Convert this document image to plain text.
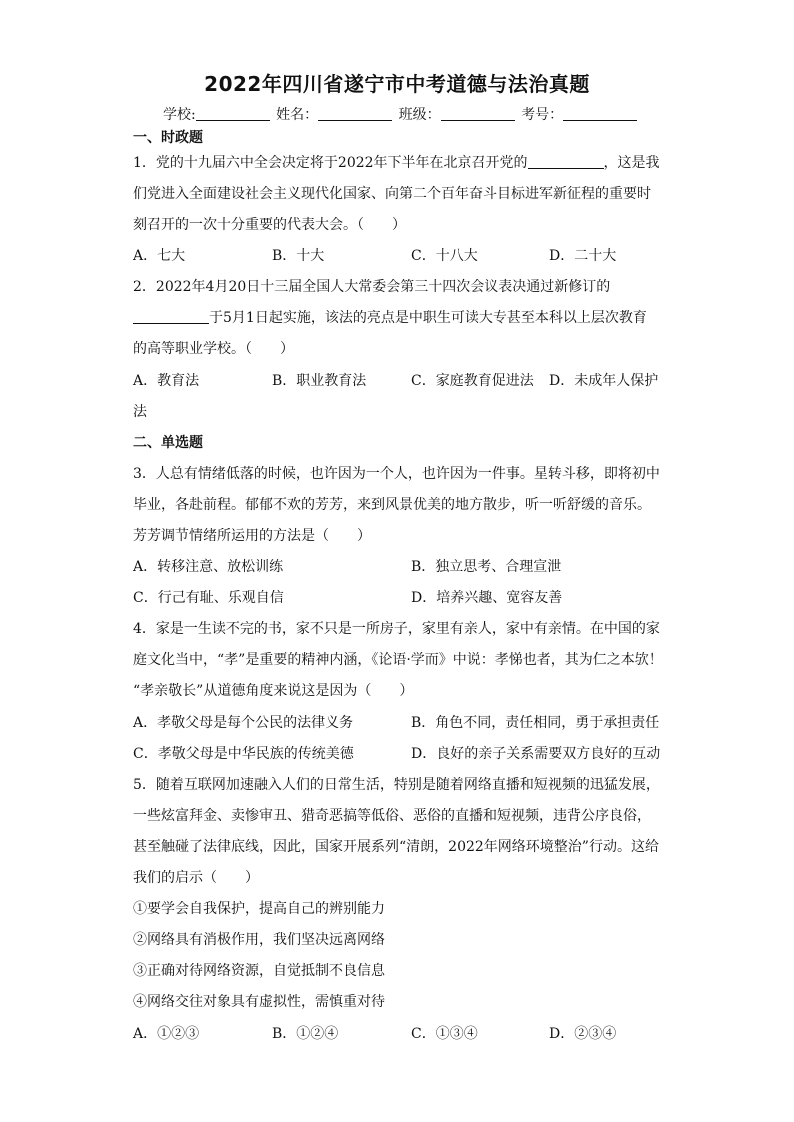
2022年四川省遂宁市中考道德与法治真题
学校:	姓名：	班级：	考号：
一、时政题
1．党的十九届六中全会决定将于2022年下半年在北京召开党的	，这是我
们党进入全面建设社会主义现代化国家、向第二个百年奋斗目标进军新征程的重要时
刻召开的一次十分重要的代表大会。（　　）
A．七大	B．十大	C．十八大	D．二十大
2．2022年4月20日十三届全国人大常委会第三十四次会议表决通过新修订的
于5月1日起实施，该法的亮点是中职生可读大专甚至本科以上层次教育
的高等职业学校。（　　）
A．教育法	B．职业教育法	C．家庭教育促进法 D．未成年人保护
法
二、单选题
3．人总有情绪低落的时候，也许因为一个人，也许因为一件事。星转斗移，即将初中
毕业，各赴前程。郁郁不欢的芳芳，来到风景优美的地方散步，听一听舒缓的音乐。
芳芳调节情绪所运用的方法是（　　）
A．转移注意、放松训练	B．独立思考、合理宣泄
C．行己有耻、乐观自信	D．培养兴趣、宽容友善
4．家是一生读不完的书，家不只是一所房子，家里有亲人，家中有亲情。在中国的家
庭文化当中，“孝”是重要的精神内涵，《论语·学而》中说：孝悌也者，其为仁之本欤！
“孝亲敬长”从道德角度来说这是因为（　　）
A．孝敬父母是每个公民的法律义务	B．角色不同，责任相同，勇于承担责任
C．孝敬父母是中华民族的传统美德	D．良好的亲子关系需要双方良好的互动
5．随着互联网加速融入人们的日常生活，特别是随着网络直播和短视频的迅猛发展，
一些炫富拜金、卖惨审丑、猎奇恶搞等低俗、恶俗的直播和短视频，违背公序良俗，
甚至触碰了法律底线，因此，国家开展系列“清朗，2022年网络环境整治”行动。这给
我们的启示（　　）
①要学会自我保护，提高自己的辨别能力
②网络具有消极作用，我们坚决远离网络
③正确对待网络资源，自觉抵制不良信息
④网络交往对象具有虚拟性，需慎重对待
A．①②③	B．①②④	C．①③④	D．②③④
